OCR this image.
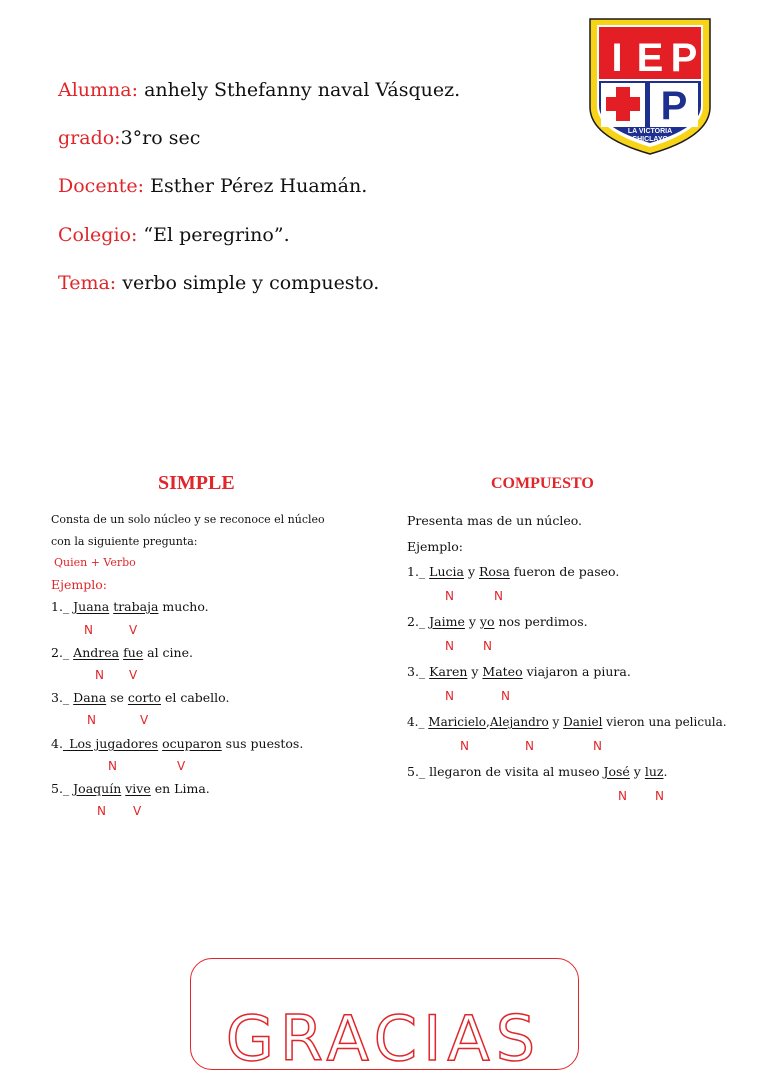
Alumna: anhely Sthefanny naval Vásquez.
grado:3°ro sec
Docente: Esther Pérez Huamán.
Colegio: “El peregrino”.
Tema: verbo simple y compuesto.
I E P
P
LA VICTORIA
CHICLAYO
SIMPLE
Consta de un solo núcleo y se reconoce el núcleo
con la siguiente pregunta:
Quien + Verbo
Ejemplo:
1._ Juana trabaja mucho.
N	V
2._ Andrea fue al cine.
N V
3._ Dana se corto el cabello.
N	V
4._Los jugadores ocuparon sus puestos.
N	V
5._ Joaquín vive en Lima.
N V
COMPUESTO
Presenta mas de un núcleo.
Ejemplo:
1._ Lucia y Rosa fueron de paseo.
N	N
2._ Jaime y yo nos perdimos.
N N
3._ Karen y Mateo viajaron a piura.
N	N
4._ Maricielo,Alejandro y Daniel vieron una pelicula.
N	N	N
5._ llegaron de visita al museo José y luz.
N N
GRACIAS
